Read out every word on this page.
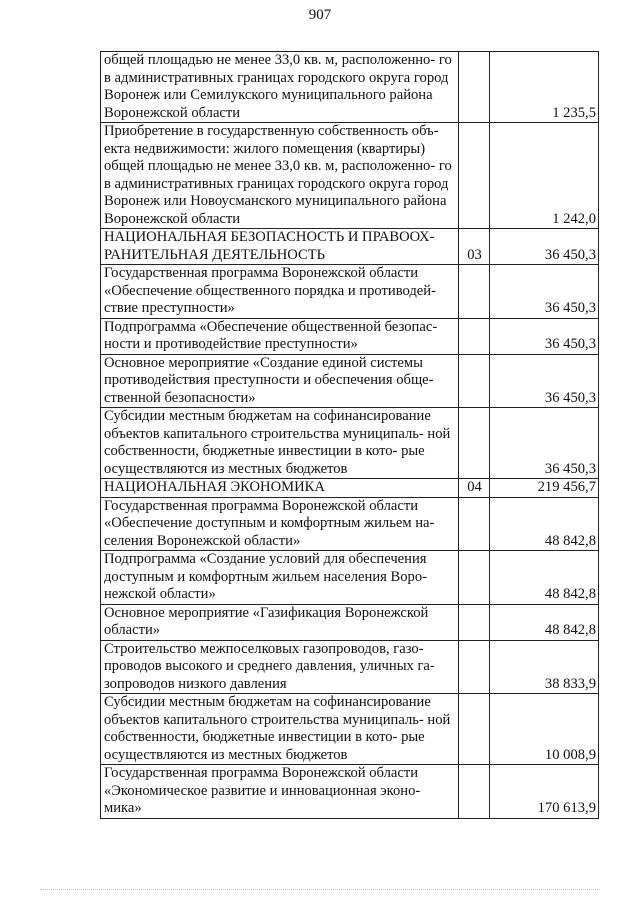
907
общей площадью не менее 33,0 кв. м, расположенно- го в административных границах городского округа город Воронеж или Семилукского муниципального района Воронежской области		1 235,5
Приобретение в государственную собственность объ- екта недвижимости: жилого помещения (квартиры) общей площадью не менее 33,0 кв. м, расположенно- го в административных границах городского округа город Воронеж или Новоусманского муниципального района Воронежской области		1 242,0
НАЦИОНАЛЬНАЯ БЕЗОПАСНОСТЬ И ПРАВООХ- РАНИТЕЛЬНАЯ ДЕЯТЕЛЬНОСТЬ	03	36 450,3
Государственная программа Воронежской области «Обеспечение общественного порядка и противодей- ствие преступности»		36 450,3
Подпрограмма «Обеспечение общественной безопас- ности и противодействие преступности»		36 450,3
Основное мероприятие «Создание единой системы противодействия преступности и обеспечения обще- ственной безопасности»		36 450,3
Субсидии местным бюджетам на софинансирование объектов капитального строительства муниципаль- ной собственности, бюджетные инвестиции в кото- рые осуществляются из местных бюджетов		36 450,3
НАЦИОНАЛЬНАЯ ЭКОНОМИКА	04	219 456,7
Государственная программа Воронежской области «Обеспечение доступным и комфортным жильем на- селения Воронежской области»		48 842,8
Подпрограмма «Создание условий для обеспечения доступным и комфортным жильем населения Воро- нежской области»		48 842,8
Основное мероприятие «Газификация Воронежской области»		48 842,8
Строительство межпоселковых газопроводов, газо- проводов высокого и среднего давления, уличных га- зопроводов низкого давления		38 833,9
Субсидии местным бюджетам на софинансирование объектов капитального строительства муниципаль- ной собственности, бюджетные инвестиции в кото- рые осуществляются из местных бюджетов		10 008,9
Государственная программа Воронежской области «Экономическое развитие и инновационная эконо- мика»		170 613,9
